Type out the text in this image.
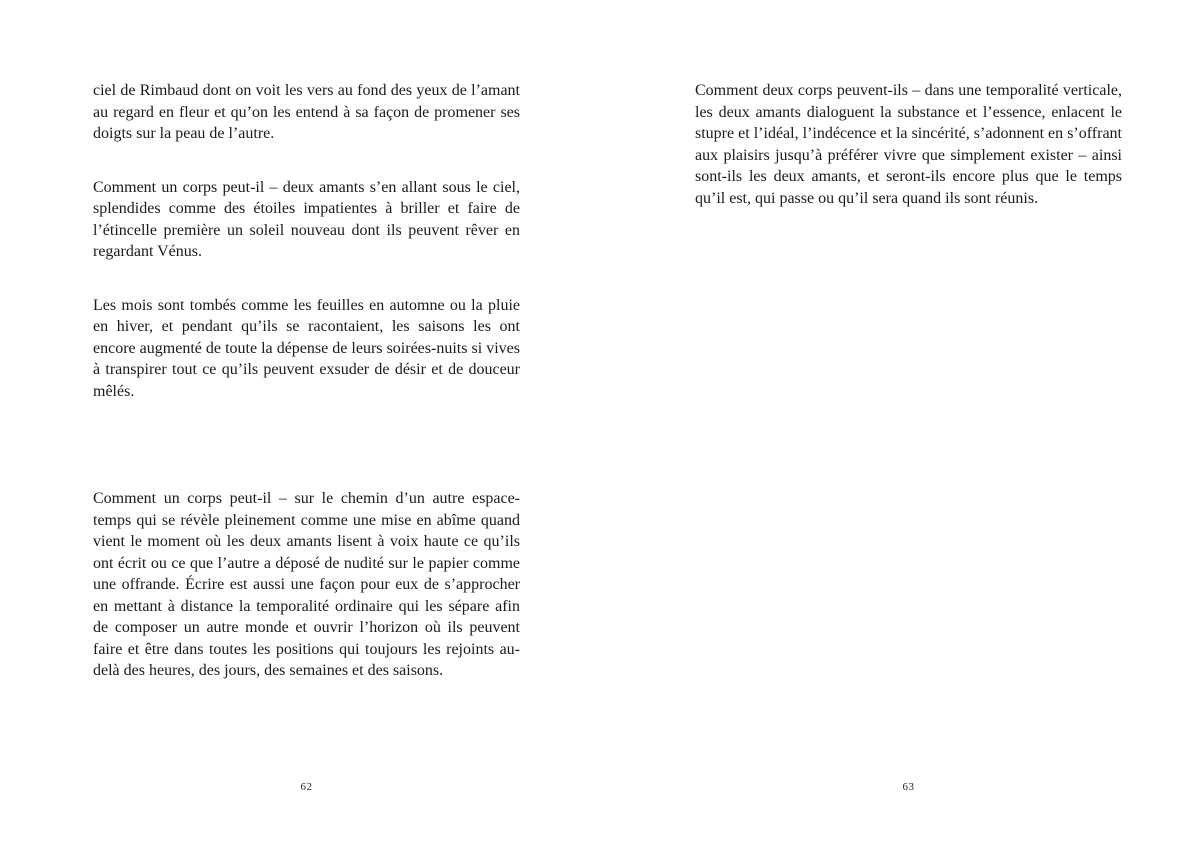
ciel de Rimbaud dont on voit les vers au fond des yeux de l’amant au regard en fleur et qu’on les entend à sa façon de promener ses doigts sur la peau de l’autre.

Comment un corps peut-il – deux amants s’en allant sous le ciel, splendides comme des étoiles impatientes à briller et faire de l’étincelle première un soleil nouveau dont ils peuvent rêver en regardant Vénus.

Les mois sont tombés comme les feuilles en automne ou la pluie en hiver, et pendant qu’ils se racontaient, les saisons les ont encore augmenté de toute la dépense de leurs soirées-nuits si vives à transpirer tout ce qu’ils peuvent exsuder de désir et de douceur mêlés.

Comment un corps peut-il – sur le chemin d’un autre espace-temps qui se révèle pleinement comme une mise en abîme quand vient le moment où les deux amants lisent à voix haute ce qu’ils ont écrit ou ce que l’autre a déposé de nudité sur le papier comme une offrande. Écrire est aussi une façon pour eux de s’approcher en mettant à distance la temporalité ordinaire qui les sépare afin de composer un autre monde et ouvrir l’horizon où ils peuvent faire et être dans toutes les positions qui toujours les rejoints au-delà des heures, des jours, des semaines et des saisons.

62

Comment deux corps peuvent-ils – dans une temporalité verticale, les deux amants dialoguent la substance et l’essence, enlacent le stupre et l’idéal, l’indécence et la sincérité, s’adonnent en s’offrant aux plaisirs jusqu’à préférer vivre que simplement exister – ainsi sont-ils les deux amants, et seront-ils encore plus que le temps qu’il est, qui passe ou qu’il sera quand ils sont réunis.

63
